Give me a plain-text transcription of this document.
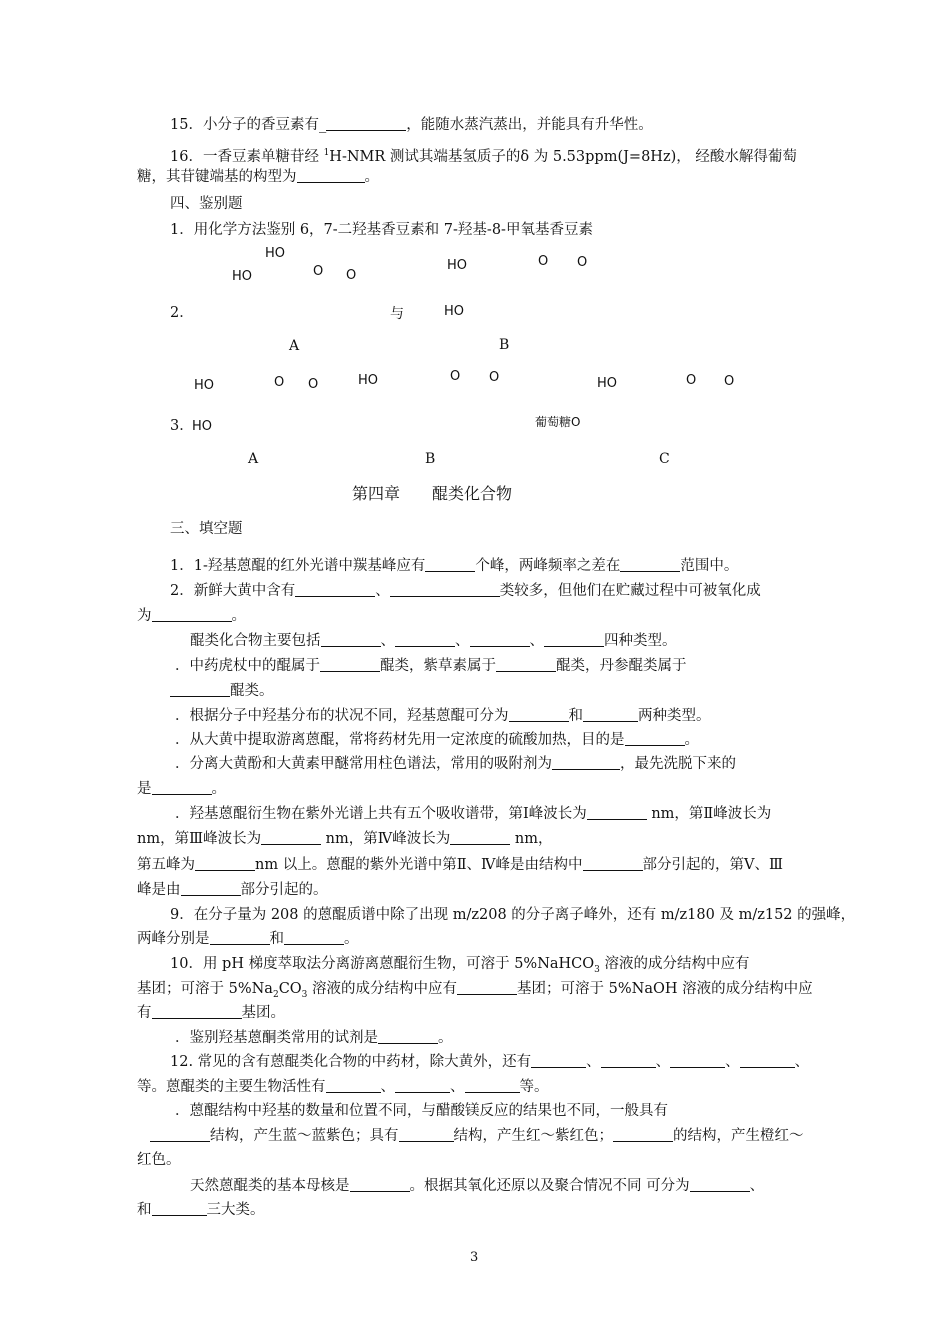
15．小分子的香豆素有_	，能随水蒸汽蒸出，并能具有升华性。
16．一香豆素单糖苷经 $^1$H-NMR 测试其端基氢质子的δ 为 5.53ppm(J=8Hz)， 经酸水解得葡萄
糖，其苷键端基的构型为	。
四、鉴别题
1．用化学方法鉴别 6，7-二羟基香豆素和 7-羟基-8-甲氧基香豆素
HO
HO	O O
HO	O O
2．	与	HO
A	B
HO	O O	HO	O O	HO	O O
3．
HO	葡萄糖O
A	B	C
第四章　　醌类化合物
三、填空题
1．1-羟基蒽醌的红外光谱中羰基峰应有	个峰，两峰频率之差在	范围中。
2．新鲜大黄中含有	、	类较多，但他们在贮藏过程中可被氧化成
为	。
醌类化合物主要包括	、	、	、	四种类型。
．中药虎杖中的醌属于	醌类，紫草素属于	醌类，丹参醌类属于
醌类。
．根据分子中羟基分布的状况不同，羟基蒽醌可分为	和	两种类型。
．从大黄中提取游离蒽醌，常将药材先用一定浓度的硫酸加热，目的是	。
．分离大黄酚和大黄素甲醚常用柱色谱法，常用的吸附剂为	，最先洗脱下来的
是	。
．羟基蒽醌衍生物在紫外光谱上共有五个吸收谱带，第Ⅰ峰波长为	nm，第Ⅱ峰波长为
nm，第Ⅲ峰波长为	nm，第Ⅳ峰波长为	nm，
第五峰为	nm 以上。蒽醌的紫外光谱中第Ⅱ、Ⅳ峰是由结构中	部分引起的，第Ⅴ、Ⅲ
峰是由	部分引起的。
9．在分子量为 208 的蒽醌质谱中除了出现 m/z208 的分子离子峰外，还有 m/z180 及 m/z152 的强峰，
两峰分别是	和	。
10．用 pH 梯度萃取法分离游离蒽醌衍生物，可溶于 5%NaHCO$_3$ 溶液的成分结构中应有
基团；可溶于 $5\%Na_2CO_3$ 溶液的成分结构中应有	基团；可溶于 5%NaOH 溶液的成分结构中应
有	基团。
．鉴别羟基蒽酮类常用的试剂是	。
12. 常见的含有蒽醌类化合物的中药材，除大黄外，还有	、	、	、	、
等。蒽醌类的主要生物活性有	、	、	等。
．蒽醌结构中羟基的数量和位置不同，与醋酸镁反应的结果也不同，一般具有
结构，产生蓝～蓝紫色；具有	结构，产生红～紫红色；	的结构，产生橙红～
红色。
天然蒽醌类的基本母核是	。根据其氧化还原以及聚合情况不同 可分为	、
和	三大类。
3
